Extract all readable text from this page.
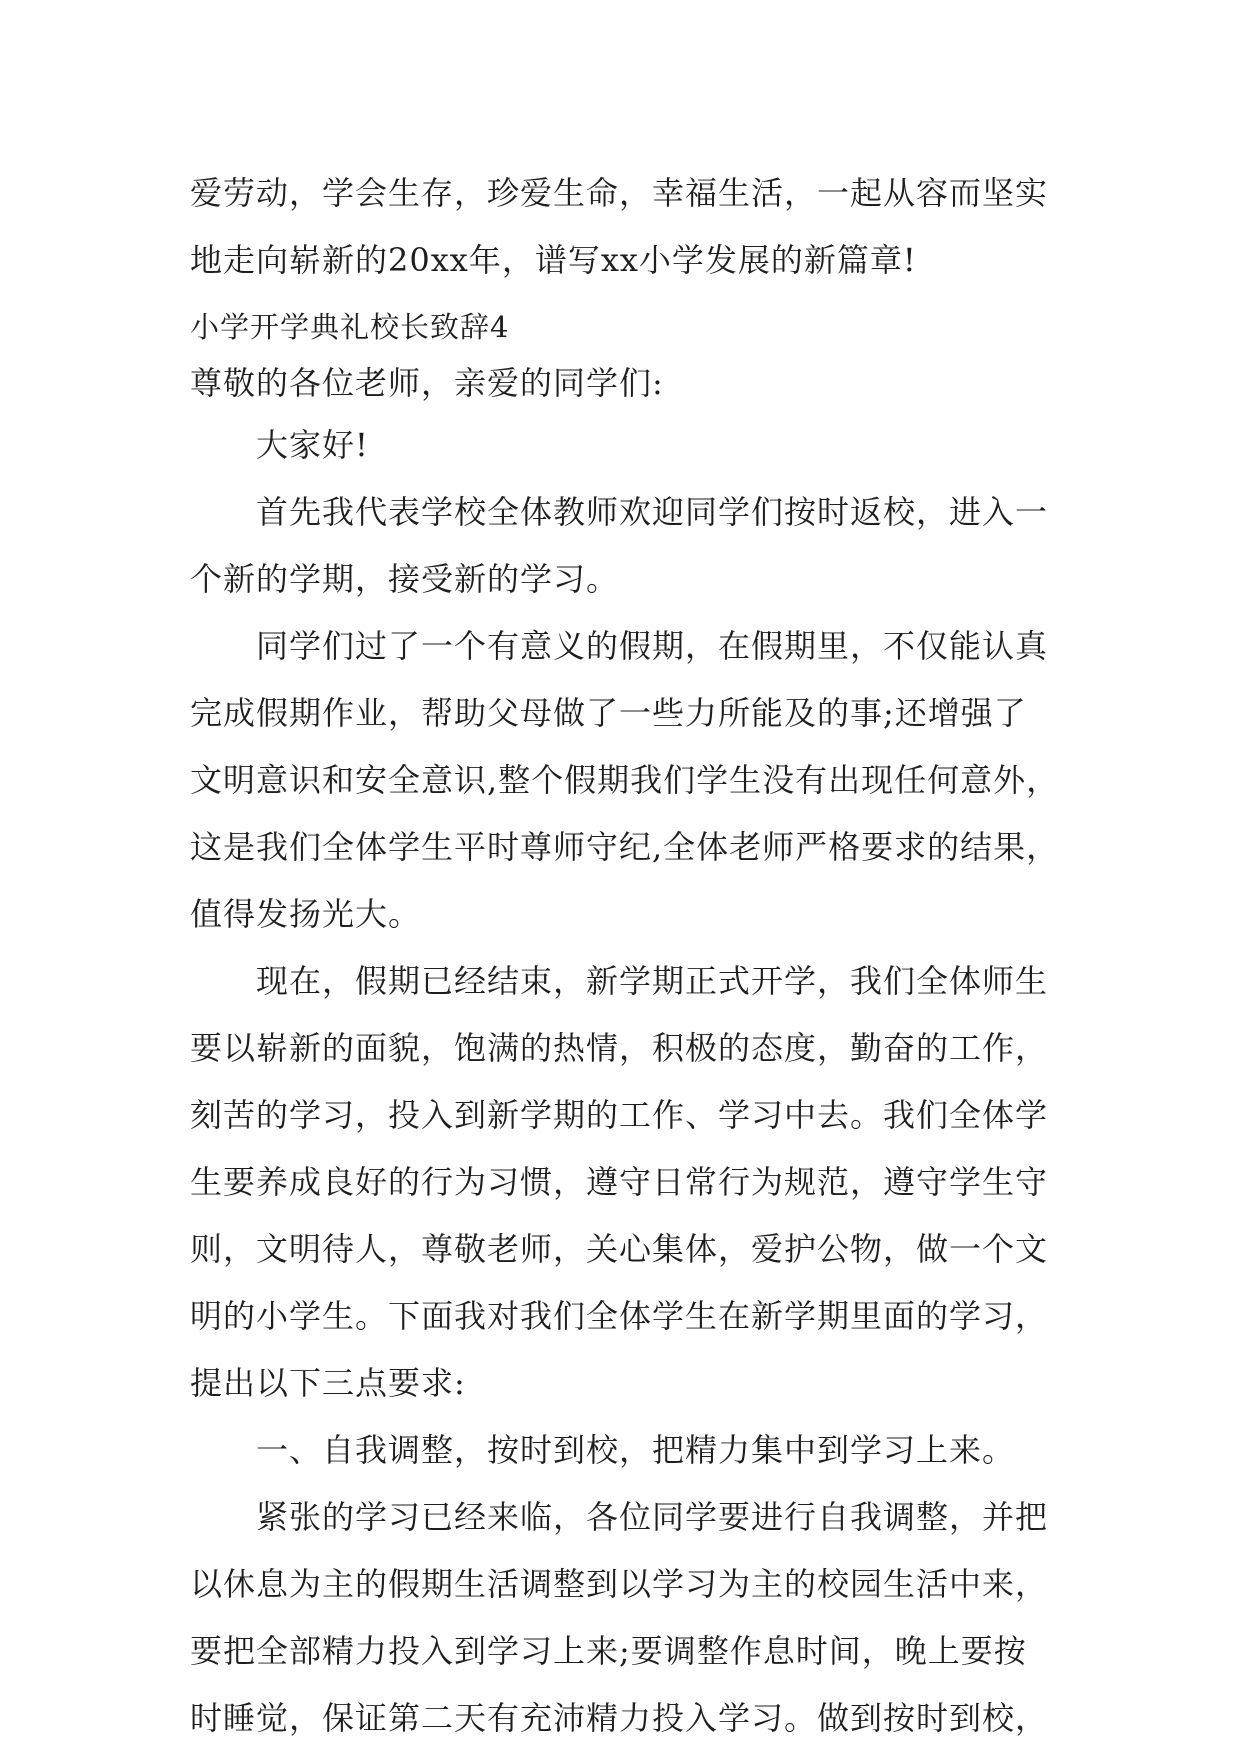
爱劳动，学会生存，珍爱生命，幸福生活，一起从容而坚实
地走向崭新的20xx年，谱写xx小学发展的新篇章!
小学开学典礼校长致辞4
尊敬的各位老师，亲爱的同学们:
大家好!
首先我代表学校全体教师欢迎同学们按时返校，进入一
个新的学期，接受新的学习。
同学们过了一个有意义的假期，在假期里，不仅能认真
完成假期作业，帮助父母做了一些力所能及的事;还增强了
文明意识和安全意识,整个假期我们学生没有出现任何意外，
这是我们全体学生平时尊师守纪,全体老师严格要求的结果，
值得发扬光大。
现在，假期已经结束，新学期正式开学，我们全体师生
要以崭新的面貌，饱满的热情，积极的态度，勤奋的工作，
刻苦的学习，投入到新学期的工作、学习中去。我们全体学
生要养成良好的行为习惯，遵守日常行为规范，遵守学生守
则，文明待人，尊敬老师，关心集体，爱护公物，做一个文
明的小学生。下面我对我们全体学生在新学期里面的学习，
提出以下三点要求:
一、自我调整，按时到校，把精力集中到学习上来。
紧张的学习已经来临，各位同学要进行自我调整，并把
以休息为主的假期生活调整到以学习为主的校园生活中来，
要把全部精力投入到学习上来;要调整作息时间，晚上要按
时睡觉，保证第二天有充沛精力投入学习。做到按时到校，
